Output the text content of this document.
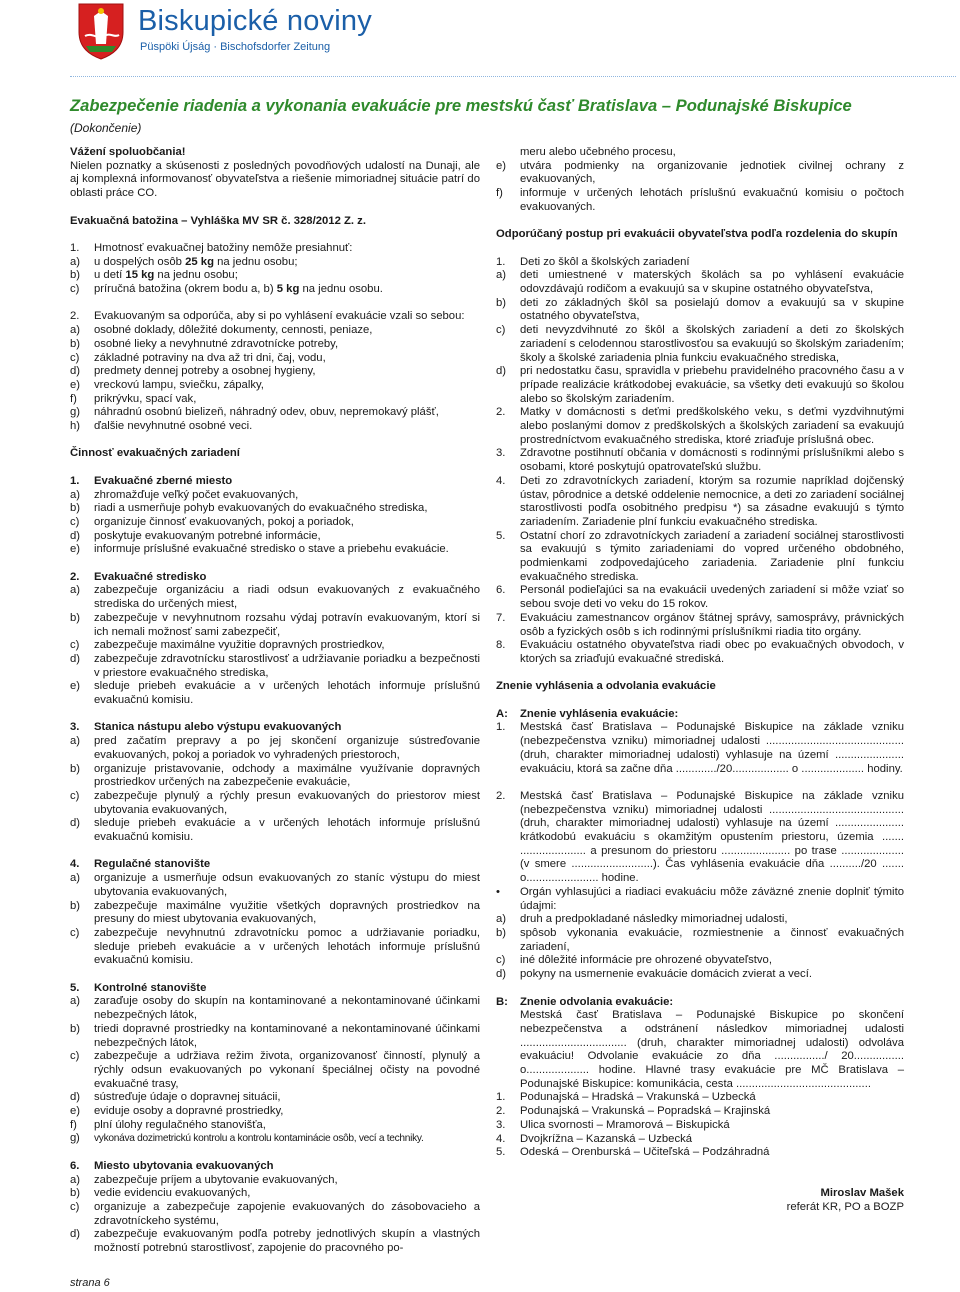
Biskupické noviny
Püspöki Újság · Bischofsdorfer Zeitung
Zabezpečenie riadenia a vykonania evakuácie pre mestskú časť Bratislava – Podunajské Biskupice
(Dokončenie)

Vážení spoluobčania!

Nielen poznatky a skúsenosti z posledných povodňových udalostí na Dunaji, ale aj komplexná informovanosť obyvateľstva a riešenie mimoriadnej situácie patrí do oblasti práce CO.

Evakuačná batožina – Vyhláška MV SR č. 328/2012 Z. z.

1. Hmotnosť evakuačnej batožiny nemôže presiahnuť:

a) u dospelých osôb 25 kg na jednu osobu;

b) u detí 15 kg na jednu osobu;

c) príručná batožina (okrem bodu a, b) 5 kg na jednu osobu.

2. Evakuovaným sa odporúča, aby si po vyhlásení evakuácie vzali so sebou:

a) osobné doklady, dôležité dokumenty, cennosti, peniaze,

b) osobné lieky a nevyhnutné zdravotnícke potreby,

c) základné potraviny na dva až tri dni, čaj, vodu,

d) predmety dennej potreby a osobnej hygieny,

e) vreckovú lampu, sviečku, zápalky,

f) prikrývku, spací vak,

g) náhradnú osobnú bielizeň, náhradný odev, obuv, nepremokavý plášť,

h) ďalšie nevyhnutné osobné veci.

Činnosť evakuačných zariadení

1. Evakuačné zberné miesto

a) zhromažďuje veľký počet evakuovaných,

b) riadi a usmerňuje pohyb evakuovaných do evakuačného strediska,

c) organizuje činnosť evakuovaných, pokoj a poriadok,

d) poskytuje evakuovaným potrebné informácie,

e) informuje príslušné evakuačné stredisko o stave a priebehu evakuácie.

2. Evakuačné stredisko

a) zabezpečuje organizáciu a riadi odsun evakuovaných z evakuačného strediska do určených miest,

b) zabezpečuje v nevyhnutnom rozsahu výdaj potravín evakuovaným, ktorí si ich nemali možnosť sami zabezpečiť,

c) zabezpečuje maximálne využitie dopravných prostriedkov,

d) zabezpečuje zdravotnícku starostlivosť a udržiavanie poriadku a bezpečnosti v priestore evakuačného strediska,

e) sleduje priebeh evakuácie a v určených lehotách informuje príslušnú evakuačnú komisiu.

3. Stanica nástupu alebo výstupu evakuovaných

a) pred začatím prepravy a po jej skončení organizuje sústreďovanie evakuovaných, pokoj a poriadok vo vyhradených priestoroch,

b) organizuje pristavovanie, odchody a maximálne využívanie dopravných prostriedkov určených na zabezpečenie evakuácie,

c) zabezpečuje plynulý a rýchly presun evakuovaných do priestorov miest ubytovania evakuovaných,

d) sleduje priebeh evakuácie a v určených lehotách informuje príslušnú evakuačnú komisiu.

4. Regulačné stanovište

a) organizuje a usmerňuje odsun evakuovaných zo staníc výstupu do miest ubytovania evakuovaných,

b) zabezpečuje maximálne využitie všetkých dopravných prostriedkov na presuny do miest ubytovania evakuovaných,

c) zabezpečuje nevyhnutnú zdravotnícku pomoc a udržiavanie poriadku, sleduje priebeh evakuácie a v určených lehotách informuje príslušnú evakuačnú komisiu.

5. Kontrolné stanovište

a) zaraďuje osoby do skupín na kontaminované a nekontaminované účinkami nebezpečných látok,

b) triedi dopravné prostriedky na kontaminované a nekontaminované účinkami nebezpečných látok,

c) zabezpečuje a udržiava režim života, organizovanosť činností, plynulý a rýchly odsun evakuovaných po vykonaní špeciálnej očisty na povodné evakuačné trasy,

d) sústreďuje údaje o dopravnej situácii,

e) eviduje osoby a dopravné prostriedky,

f) plní úlohy regulačného stanovišťa,

g) vykonáva dozimetrickú kontrolu a kontrolu kontaminácie osôb, vecí a techniky.

6. Miesto ubytovania evakuovaných

a) zabezpečuje príjem a ubytovanie evakuovaných,

b) vedie evidenciu evakuovaných,

c) organizuje a zabezpečuje zapojenie evakuovaných do zásobovacieho a zdravotníckeho systému,

d) zabezpečuje evakuovaným podľa potreby jednotlivých skupín a vlastných možností potrebnú starostlivosť, zapojenie do pracovného po-

meru alebo učebného procesu,

e) utvára podmienky na organizovanie jednotiek civilnej ochrany z evakuovaných,

f) informuje v určených lehotách príslušnú evakuačnú komisiu o počtoch evakuovaných.

Odporúčaný postup pri evakuácii obyvateľstva podľa rozdelenia do skupín

1. Deti zo škôl a školských zariadení

a) deti umiestnené v materských školách sa po vyhlásení evakuácie odovzdávajú rodičom a evakuujú sa v skupine ostatného obyvateľstva,

b) deti zo základných škôl sa posielajú domov a evakuujú sa v skupine ostatného obyvateľstva,

c) deti nevyzdvihnuté zo škôl a školských zariadení a deti zo školských zariadení s celodennou starostlivosťou sa evakuujú so školským zariadením; školy a školské zariadenia plnia funkciu evakuačného strediska,

d) pri nedostatku času, spravidla v priebehu pravidelného pracovného času a v prípade realizácie krátkodobej evakuácie, sa všetky deti evakuujú so školou alebo so školským zariadením.

2. Matky v domácnosti s deťmi predškolského veku, s deťmi vyzdvihnutými alebo poslanými domov z predškolských a školských zariadení sa evakuujú prostredníctvom evakuačného strediska, ktoré zriaďuje príslušná obec.

3. Zdravotne postihnutí občania v domácnosti s rodinnými príslušníkmi alebo s osobami, ktoré poskytujú opatrovateľskú službu.

4. Deti zo zdravotníckych zariadení, ktorým sa rozumie napríklad dojčenský ústav, pôrodnice a detské oddelenie nemocnice, a deti zo zariadení sociálnej starostlivosti podľa osobitného predpisu *) sa zásadne evakuujú s týmto zariadením. Zariadenie plní funkciu evakuačného strediska.

5. Ostatní chorí zo zdravotníckych zariadení a zariadení sociálnej starostlivosti sa evakuujú s týmito zariadeniami do vopred určeného obdobného, podmienkami zodpovedajúceho zariadenia. Zariadenie plní funkciu evakuačného strediska.

6. Personál podieľajúci sa na evakuácii uvedených zariadení si môže vziať so sebou svoje deti vo veku do 15 rokov.

7. Evakuáciu zamestnancov orgánov štátnej správy, samosprávy, právnických osôb a fyzických osôb s ich rodinnými príslušníkmi riadia tito orgány.

8. Evakuáciu ostatného obyvateľstva riadi obec po evakuačných obvodoch, v ktorých sa zriaďujú evakuačné strediská.

Znenie vyhlásenia a odvolania evakuácie

A: Znenie vyhlásenia evakuácie:

1. Mestská časť Bratislava – Podunajské Biskupice na základe vzniku (nebezpečenstva vzniku) mimoriadnej udalosti ............................................ (druh, charakter mimoriadnej udalosti) vyhlasuje na území ...................... evakuáciu, ktorá sa začne dňa ............./20.................. o .................... hodiny.

2. Mestská časť Bratislava – Podunajské Biskupice na základe vzniku (nebezpečenstva vzniku) mimoriadnej udalosti ........................................... (druh, charakter mimoriadnej udalosti) vyhlasuje na území ...................... krátkodobú evakuáciu s okamžitým opustením priestoru, územia ....... ..................... a presunom do priestoru ...................... po trase .................... (v smere ..........................). Čas vyhlásenia evakuácie dňa ........../20 ....... o....................... hodine.

• Orgán vyhlasujúci a riadiaci evakuáciu môže záväzné znenie doplniť týmito údajmi:

a) druh a predpokladané následky mimoriadnej udalosti,

b) spôsob vykonania evakuácie, rozmiestnenie a činnosť evakuačných zariadení,

c) iné dôležité informácie pre ohrozené obyvateľstvo,

d) pokyny na usmernenie evakuácie domácich zvierat a vecí.

B: Znenie odvolania evakuácie:

Mestská časť Bratislava – Podunajské Biskupice po skončení nebezpečenstva a odstránení následkov mimoriadnej udalosti .................................. (druh, charakter mimoriadnej udalosti) odvoláva evakuáciu! Odvolanie evakuácie zo dňa ................/ 20................ o.................... hodine. Hlavné trasy evakuácie pre MČ Bratislava – Podunajské Biskupice: komunikácia, cesta ...........................................

1. Podunajská – Hradská – Vrakunská – Uzbecká

2. Podunajská – Vrakunská – Popradská – Krajinská

3. Ulica svornosti – Mramorová – Biskupická

4. Dvojkrížna – Kazanská – Uzbecká

5. Odeská – Orenburská – Učiteľská – Podzáhradná

Miroslav Mašek

referát KR, PO a BOZP

strana 6
